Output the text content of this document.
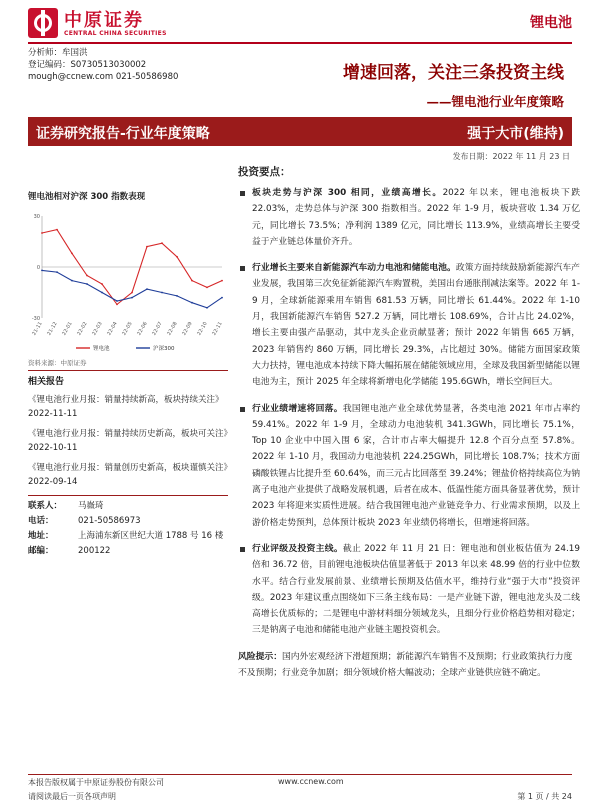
中原证券
CENTRAL CHINA SECURITIES
锂电池
分析师：牟国洪
登记编码：S0730513030002
mough@ccnew.com 021-50586980	增速回落，关注三条投资主线
——锂电池行业年度策略
证券研究报告-行业年度策略	强于大市(维持)
发布日期：2022 年 11 月 23 日
锂电池相对沪深 300 指数表现
-30
0
30
21-11 21-12 22-01 22-02 22-03 22-04 22-05 22-06 22-07 22-08 22-09 22-10 22-11
锂电池	沪深300
资料来源：中原证券
相关报告
《锂电池行业月报：销量持续新高，板块持续关注》
2022-11-11
《锂电池行业月报：销量持续历史新高，板块可关注》
2022-10-11
《锂电池行业月报：销量创历史新高，板块谨慎关注》
2022-09-14
联系人：	马嶶琦
电话：	021-50586973
地址：	上海浦东新区世纪大道 1788 号 16 楼
邮编：	200122
投资要点：
板块走势与沪深 300 相同，业绩高增长。2022 年以来，锂电池板块下跌 22.03%，走势总体与沪深 300 指数相当。2022 年 1-9 月，板块营收 1.34 万亿元，同比增长 73.5%；净利润 1389 亿元，同比增长 113.9%，业绩高增长主要受益于产业链总体量价齐升。
行业增长主要来自新能源汽车动力电池和储能电池。政策方面持续鼓励新能源汽车产业发展，我国第三次免征新能源汽车购置税，美国出台通胀削减法案等。2022 年 1-9 月，全球新能源乘用车销售 681.53 万辆，同比增长 61.44%。2022 年 1-10 月，我国新能源汽车销售 527.2 万辆，同比增长 108.69%，合计占比 24.02%，增长主要由强产品驱动，其中龙头企业贡献显著；预计 2022 年销售 665 万辆，2023 年销售约 860 万辆，同比增长 29.3%，占比超过 30%。储能方面国家政策大力扶持，锂电池成本持续下降大幅拓展在储能领域应用，全球及我国新型储能以锂电池为主，预计 2025 年全球将新增电化学储能 195.6GWh，增长空间巨大。
行业业绩增速将回落。我国锂电池产业全球优势显著，各类电池 2021 年市占率约 59.41%。2022 年 1-9 月，全球动力电池装机 341.3GWh，同比增长 75.1%，Top 10 企业中中国入围 6 家，合计市占率大幅提升 12.8 个百分点至 57.8%。2022 年 1-10 月，我国动力电池装机 224.25GWh，同比增长 108.7%；技术方面磷酸铁锂占比提升至 60.64%，而三元占比回落至 39.24%；锂盐价格持续高位为钠离子电池产业提供了战略发展机遇，后者在成本、低温性能方面具备显著优势，预计 2023 年将迎来实质性进展。结合我国锂电池产业链竞争力、行业需求预期，以及上游价格走势预判，总体预计板块 2023 年业绩仍将增长，但增速将回落。
行业评级及投资主线。截止 2022 年 11 月 21 日：锂电池和创业板估值为 24.19 倍和 36.72 倍，目前锂电池板块估值显著低于 2013 年以来 48.99 倍的行业中位数水平。结合行业发展前景、业绩增长预期及估值水平，维持行业“强于大市”投资评级。2023 年建议重点围绕如下三条主线布局：一是产业链下游，锂电池龙头及二线高增长优质标的；二是锂电中游材料细分领域龙头，且细分行业价格趋势相对稳定；三是钠离子电池和储能电池产业链主题投资机会。
风险提示：国内外宏观经济下滑超预期；新能源汽车销售不及预期；行业政策执行力度不及预期；行业竞争加剧；细分领域价格大幅波动；全球产业链供应链不确定。
本报告版权属于中原证券股份有限公司
请阅读最后一页各项声明
www.ccnew.com
第 1 页 / 共 24
